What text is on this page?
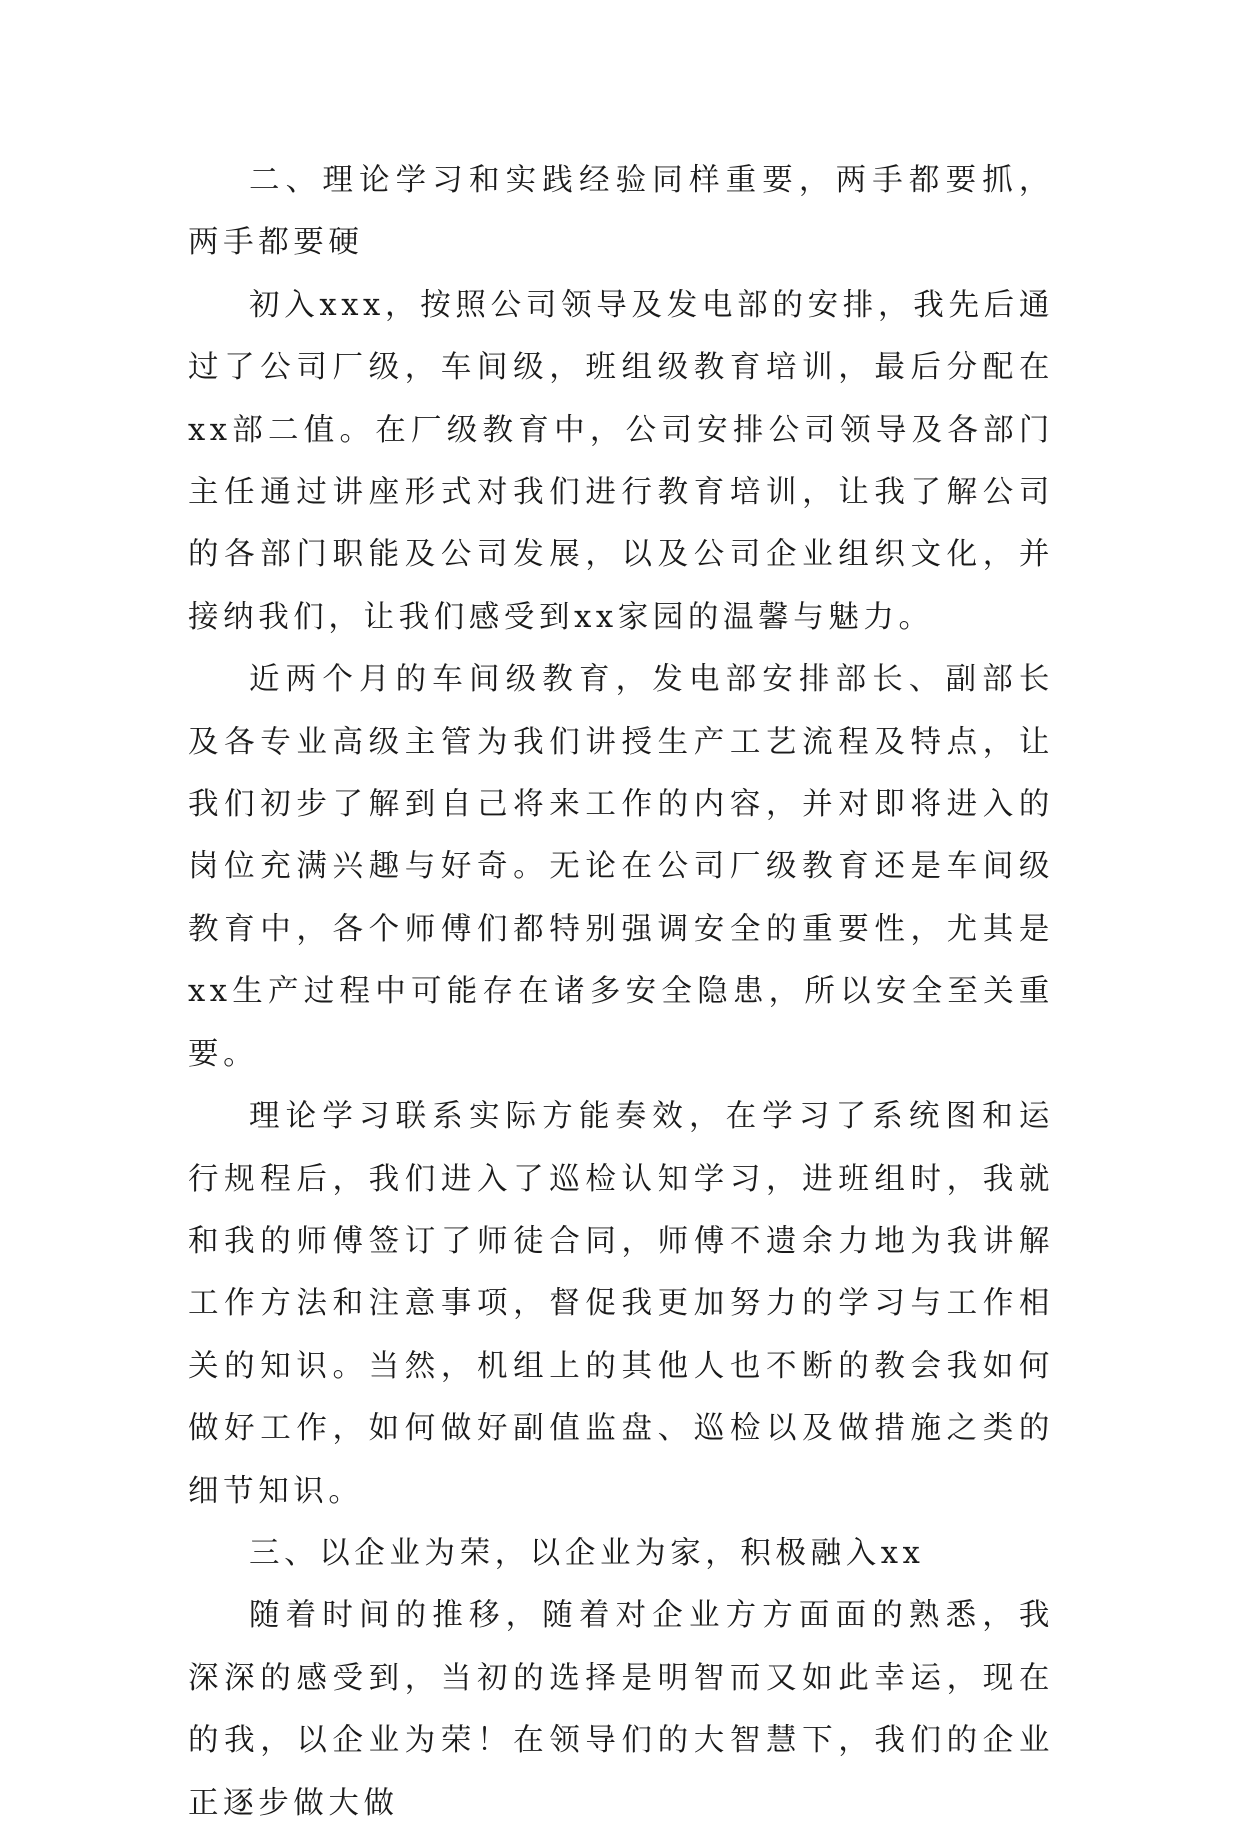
二、理论学习和实践经验同样重要，两手都要抓，两手都要硬

初入xxx，按照公司领导及发电部的安排，我先后通过了公司厂级，车间级，班组级教育培训，最后分配在xx部二值。在厂级教育中，公司安排公司领导及各部门主任通过讲座形式对我们进行教育培训，让我了解公司的各部门职能及公司发展，以及公司企业组织文化，并接纳我们，让我们感受到xx家园的温馨与魅力。

近两个月的车间级教育，发电部安排部长、副部长及各专业高级主管为我们讲授生产工艺流程及特点，让我们初步了解到自己将来工作的内容，并对即将进入的岗位充满兴趣与好奇。无论在公司厂级教育还是车间级教育中，各个师傅们都特别强调安全的重要性，尤其是xx生产过程中可能存在诸多安全隐患，所以安全至关重要。

理论学习联系实际方能奏效，在学习了系统图和运行规程后，我们进入了巡检认知学习，进班组时，我就和我的师傅签订了师徒合同，师傅不遗余力地为我讲解工作方法和注意事项，督促我更加努力的学习与工作相关的知识。当然，机组上的其他人也不断的教会我如何做好工作，如何做好副值监盘、巡检以及做措施之类的细节知识。

三、以企业为荣，以企业为家，积极融入xx

随着时间的推移，随着对企业方方面面的熟悉，我深深的感受到，当初的选择是明智而又如此幸运，现在的我，以企业为荣！在领导们的大智慧下，我们的企业正逐步做大做
